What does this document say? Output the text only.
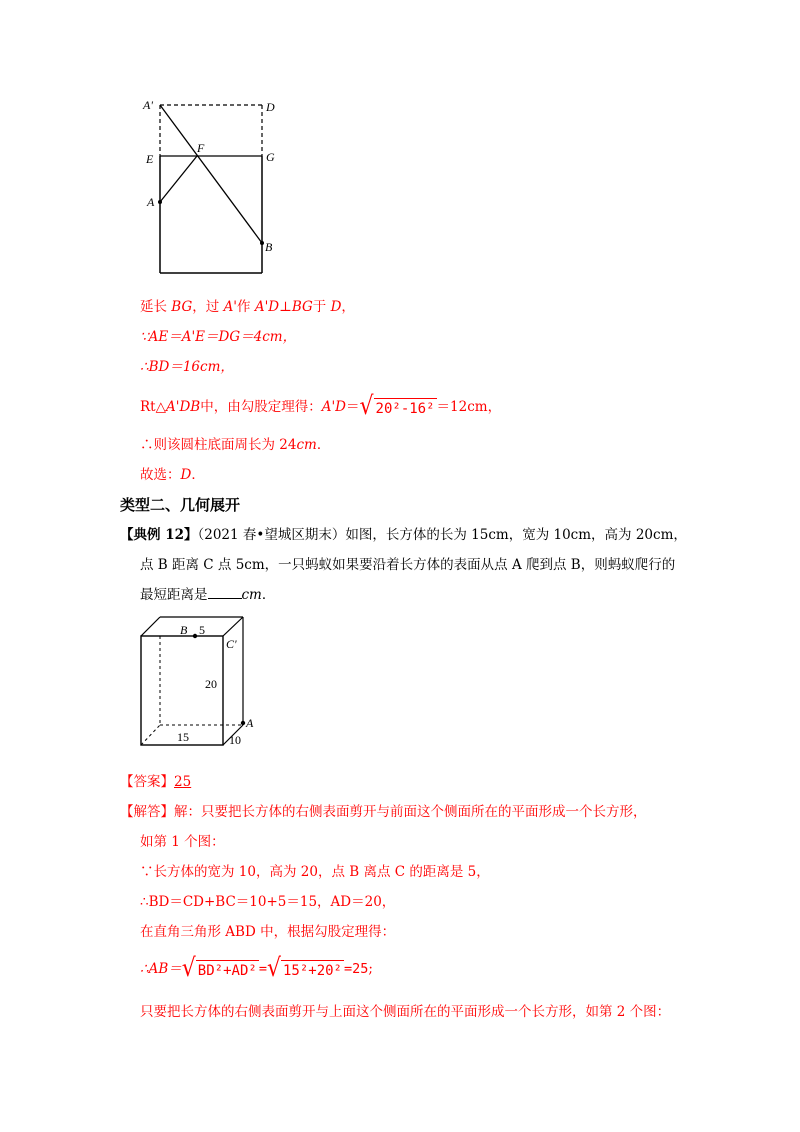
A'	D
E
F
G
A
B
延长 BG，过 A'作 A'D⊥BG于 D，
∵AE＝A'E＝DG＝4cm，
∴BD＝16cm，
Rt△ A'DB 中，由勾股定理得： A'D ＝ √ 20²-16² ＝12cm，
∴则该圆柱底面周长为 24cm．
故选：D．
类型二、几何展开
【典例 12】（2021 春•望城区期末）如图，长方体的长为 15cm，宽为 10cm，高为 20cm，
点 B 距离 C 点 5cm，一只蚂蚁如果要沿着长方体的表面从点 A 爬到点 B，则蚂蚁爬行的
最短距离是	cm．
B 5
C'
20
A
15	10
【答案】25
【解答】解：只要把长方体的右侧表面剪开与前面这个侧面所在的平面形成一个长方形，
如第 1 个图：
∵长方体的宽为 10，高为 20，点 B 离点 C 的距离是 5，
∴BD＝CD+BC＝10+5＝15，AD＝20，
在直角三角形 ABD 中，根据勾股定理得：
∴AB＝ √ BD²+AD² = √ 15²+20² =25 ;
只要把长方体的右侧表面剪开与上面这个侧面所在的平面形成一个长方形，如第 2 个图：
